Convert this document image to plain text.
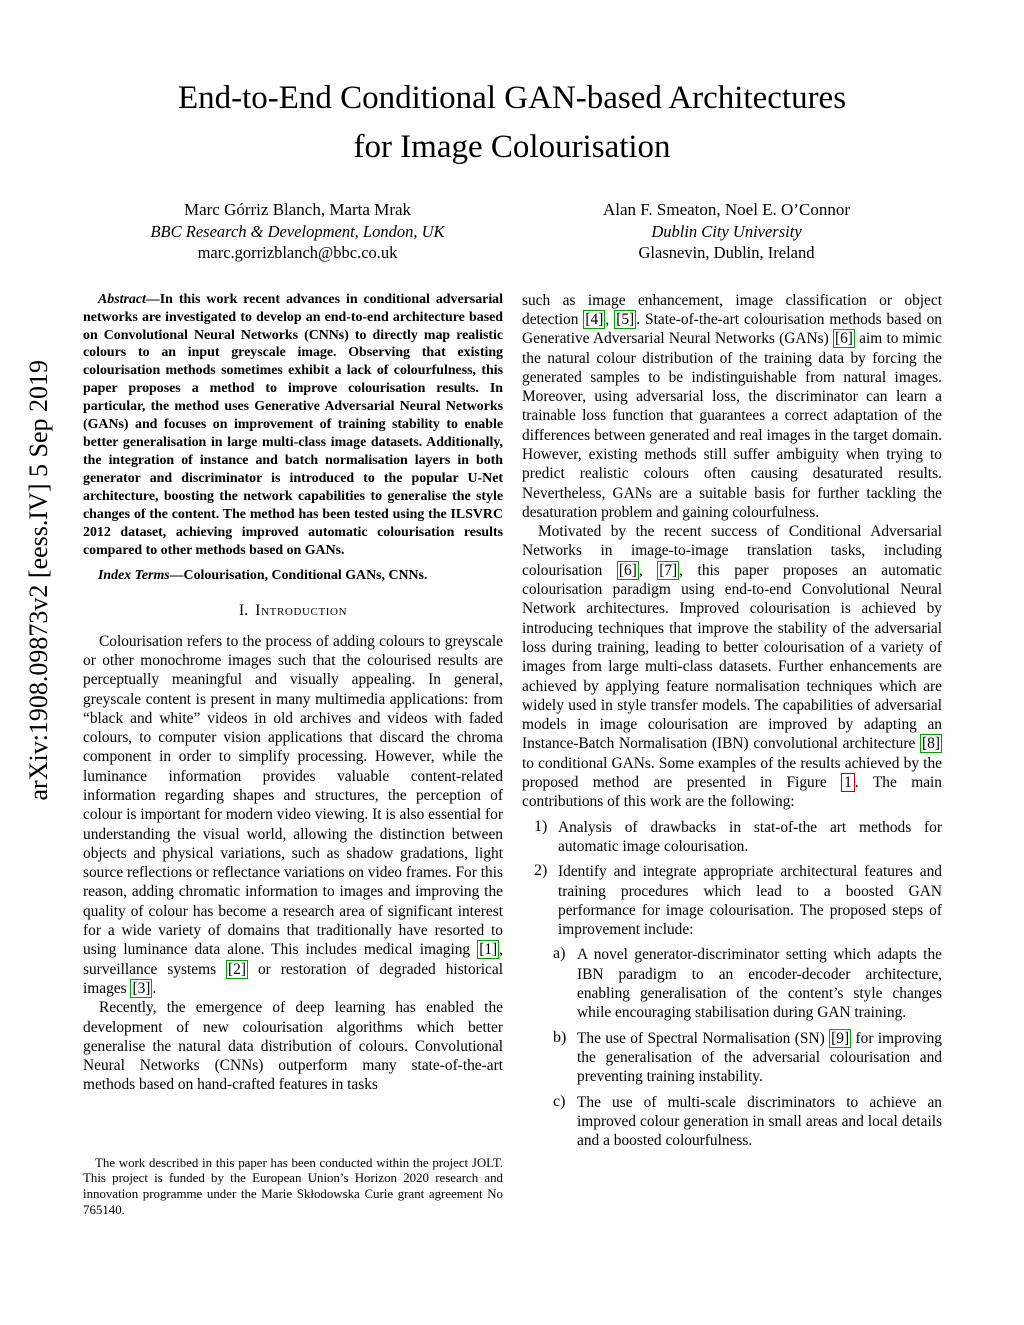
arXiv:1908.09873v2 [eess.IV] 5 Sep 2019
End-to-End Conditional GAN-based Architectures
for Image Colourisation
Marc Górriz Blanch, Marta Mrak
BBC Research & Development, London, UK
marc.gorrizblanch@bbc.co.uk
Alan F. Smeaton, Noel E. O’Connor
Dublin City University
Glasnevin, Dublin, Ireland

Abstract—In this work recent advances in conditional adversarial networks are investigated to develop an end-to-end architecture based on Convolutional Neural Networks (CNNs) to directly map realistic colours to an input greyscale image. Observing that existing colourisation methods sometimes exhibit a lack of colourfulness, this paper proposes a method to improve colourisation results. In particular, the method uses Generative Adversarial Neural Networks (GANs) and focuses on improvement of training stability to enable better generalisation in large multi-class image datasets. Additionally, the integration of instance and batch normalisation layers in both generator and discriminator is introduced to the popular U-Net architecture, boosting the network capabilities to generalise the style changes of the content. The method has been tested using the ILSVRC 2012 dataset, achieving improved automatic colourisation results compared to other methods based on GANs.

Index Terms—Colourisation, Conditional GANs, CNNs.

I. Introduction

Colourisation refers to the process of adding colours to greyscale or other monochrome images such that the colourised results are perceptually meaningful and visually appealing. In general, greyscale content is present in many multimedia applications: from “black and white” videos in old archives and videos with faded colours, to computer vision applications that discard the chroma component in order to simplify processing. However, while the luminance information provides valuable content-related information regarding shapes and structures, the perception of colour is important for modern video viewing. It is also essential for understanding the visual world, allowing the distinction between objects and physical variations, such as shadow gradations, light source reflections or reflectance variations on video frames. For this reason, adding chromatic information to images and improving the quality of colour has become a research area of significant interest for a wide variety of domains that traditionally have resorted to using luminance data alone. This includes medical imaging [1] , surveillance systems [2] or restoration of degraded historical images [3] .

Recently, the emergence of deep learning has enabled the development of new colourisation algorithms which better generalise the natural data distribution of colours. Convolutional Neural Networks (CNNs) outperform many state-of-the-art methods based on hand-crafted features in tasks

The work described in this paper has been conducted within the project JOLT. This project is funded by the European Union’s Horizon 2020 research and innovation programme under the Marie Skłodowska Curie grant agreement No 765140.

such as image enhancement, image classification or object detection [4] , [5] . State-of-the-art colourisation methods based on Generative Adversarial Neural Networks (GANs) [6] aim to mimic the natural colour distribution of the training data by forcing the generated samples to be indistinguishable from natural images. Moreover, using adversarial loss, the discriminator can learn a trainable loss function that guarantees a correct adaptation of the differences between generated and real images in the target domain. However, existing methods still suffer ambiguity when trying to predict realistic colours often causing desaturated results. Nevertheless, GANs are a suitable basis for further tackling the desaturation problem and gaining colourfulness.

Motivated by the recent success of Conditional Adversarial Networks in image-to-image translation tasks, including colourisation [6] , [7] , this paper proposes an automatic colourisation paradigm using end-to-end Convolutional Neural Network architectures. Improved colourisation is achieved by introducing techniques that improve the stability of the adversarial loss during training, leading to better colourisation of a variety of images from large multi-class datasets. Further enhancements are achieved by applying feature normalisation techniques which are widely used in style transfer models. The capabilities of adversarial models in image colourisation are improved by adapting an Instance-Batch Normalisation (IBN) convolutional architecture [8] to conditional GANs. Some examples of the results achieved by the proposed method are presented in Figure 1 . The main contributions of this work are the following:

1) Analysis of drawbacks in stat-of-the art methods for automatic image colourisation.
2) Identify and integrate appropriate architectural features and training procedures which lead to a boosted GAN performance for image colourisation. The proposed steps of improvement include:
a) A novel generator-discriminator setting which adapts the IBN paradigm to an encoder-decoder architecture, enabling generalisation of the content’s style changes while encouraging stabilisation during GAN training.
b) The use of Spectral Normalisation (SN) [9] for improving the generalisation of the adversarial colourisation and preventing training instability.
c) The use of multi-scale discriminators to achieve an improved colour generation in small areas and local details and a boosted colourfulness.
